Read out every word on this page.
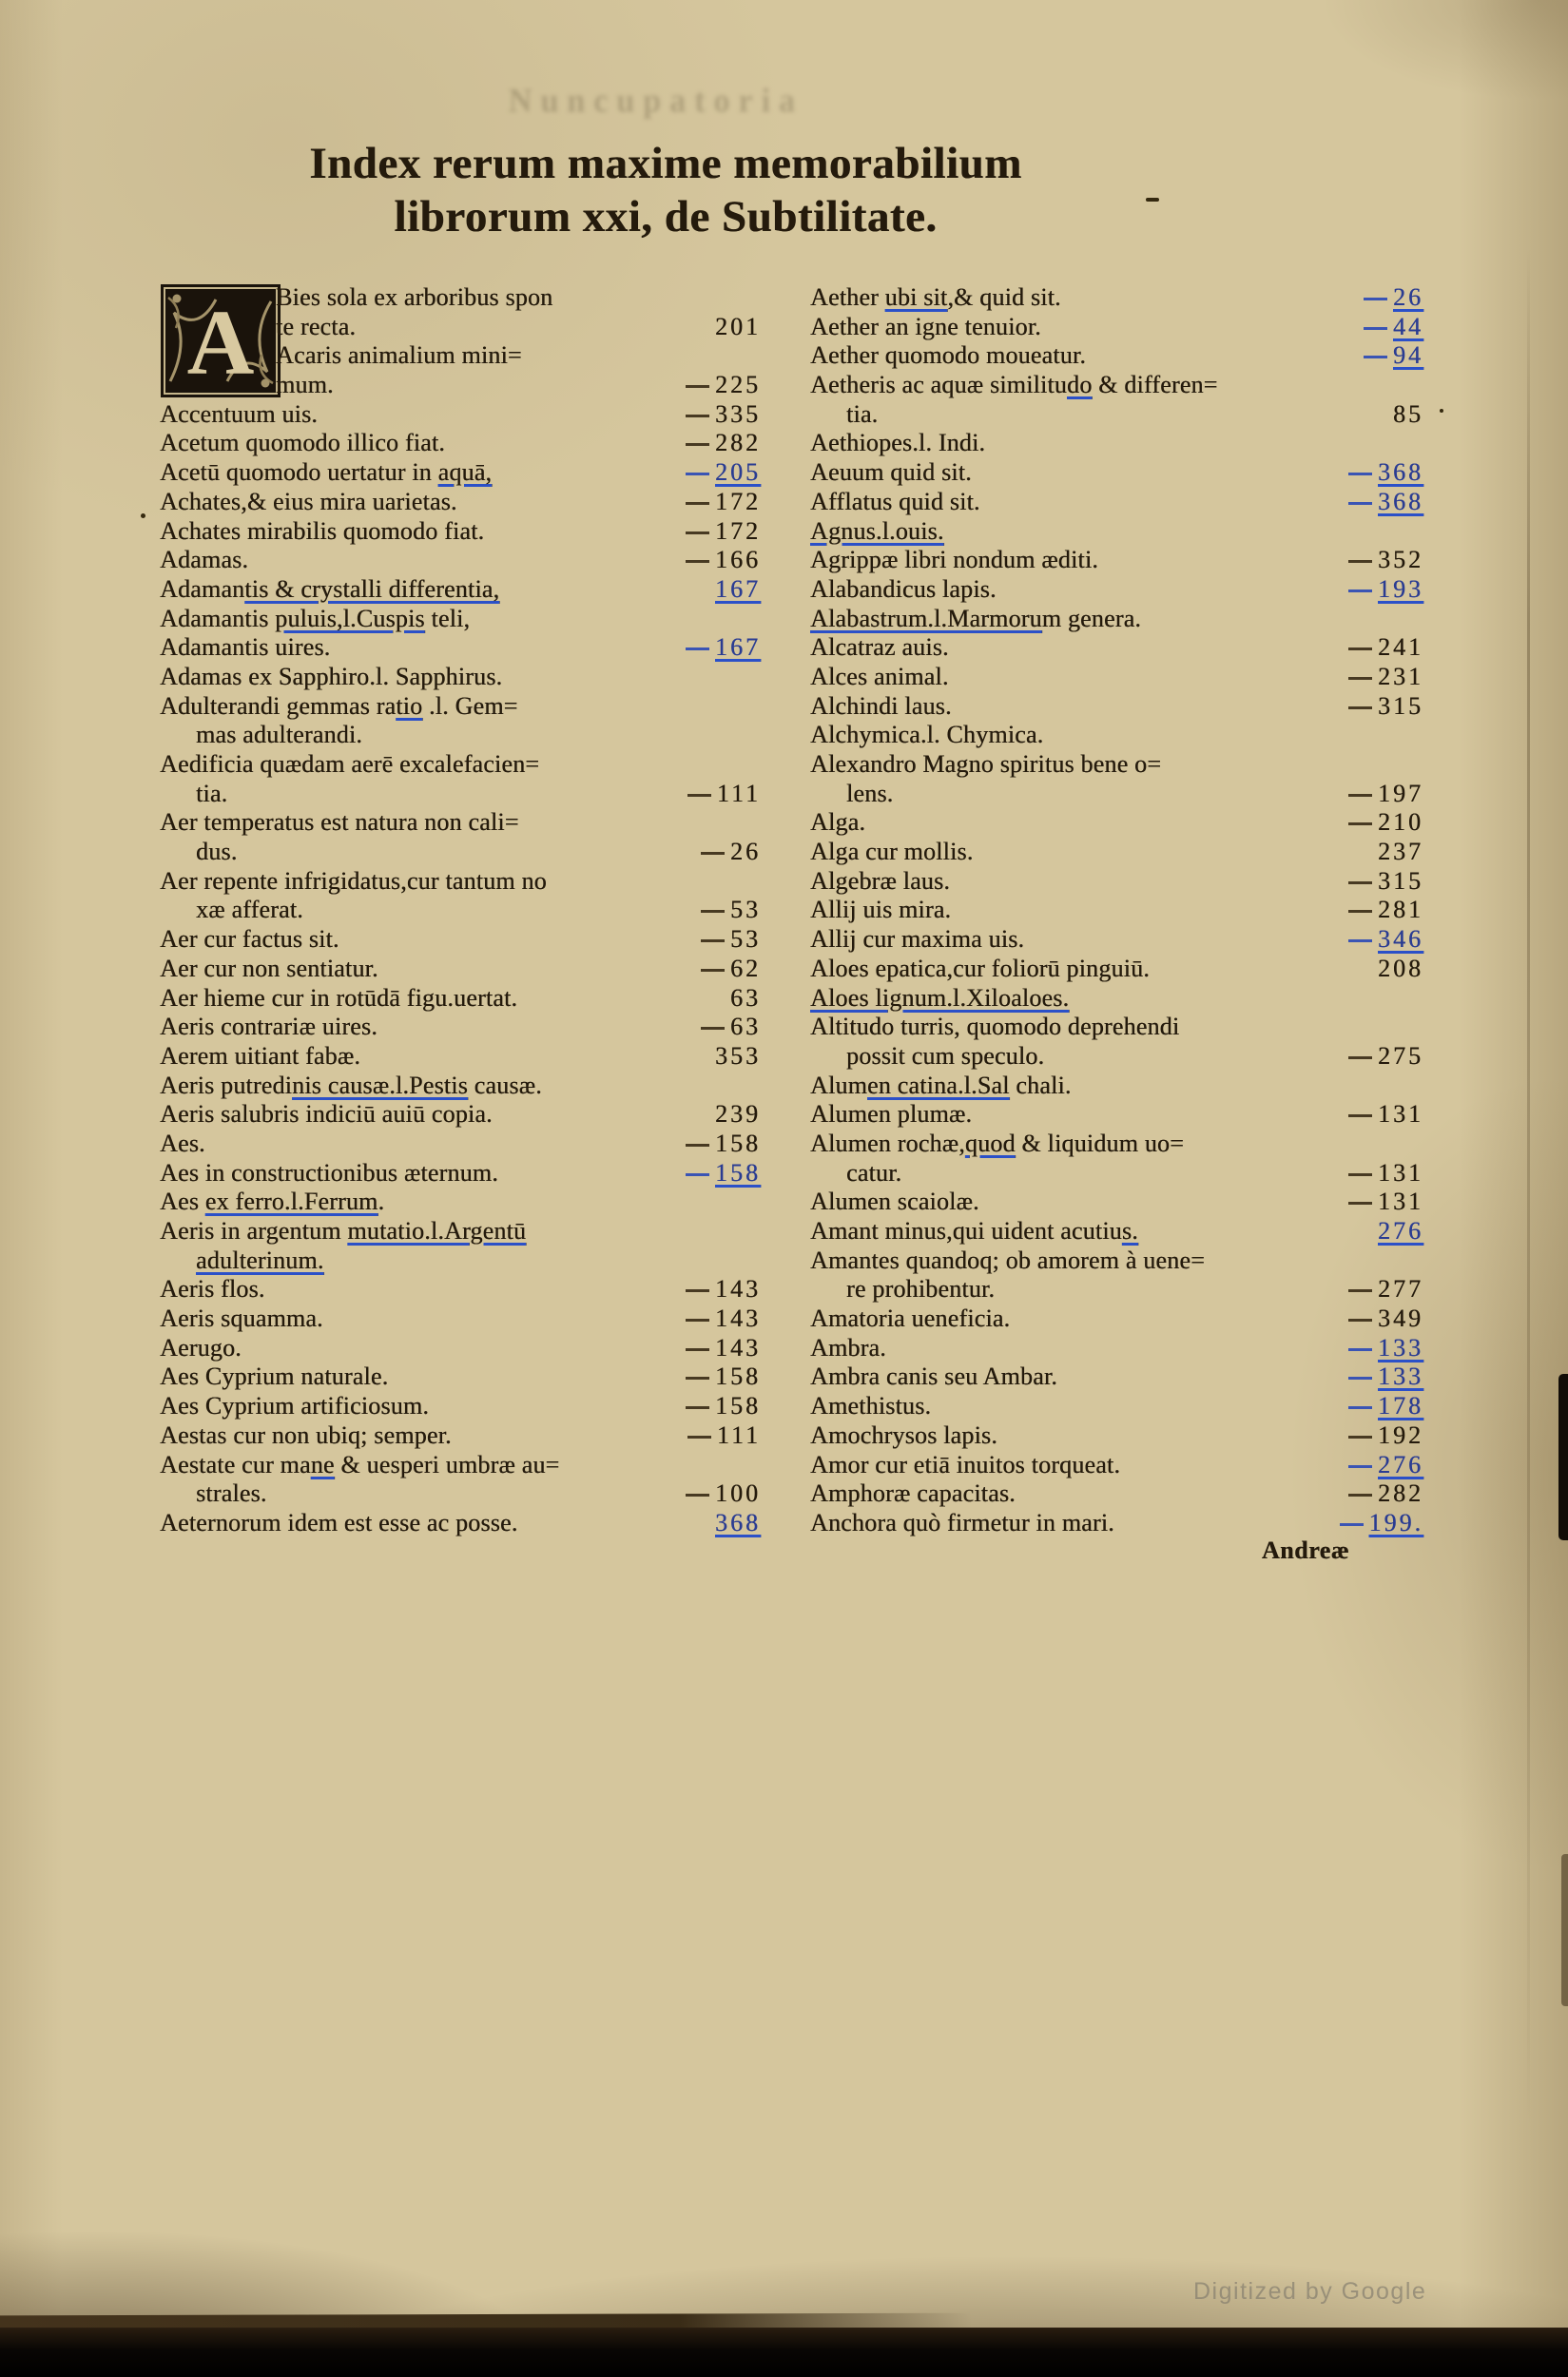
Nuncupatoria
Index rerum maxime memorabilium
librorum xxi, de Subtilitate.
A Bies sola ex arboribus spon
te recta.	201
Acaris animalium mini=
mum.	225
Accentuum uis.	335
Acetum quomodo illico fiat.	282
Acetū quomodo uertatur in aquā,	205
Achates,& eius mira uarietas.	172
Achates mirabilis quomodo fiat.	172
Adamas.	166
Adamantis & crystalli differentia,	167
Adamantis puluis,l.Cuspis teli,
Adamantis uires.	167
Adamas ex Sapphiro.l. Sapphirus.
Adulterandi gemmas ratio .l. Gem=
mas adulterandi.
Aedificia quædam aerē excalefacien=
tia.	111
Aer temperatus est natura non cali=
dus.	26
Aer repente infrigidatus,cur tantum no
xæ afferat.	53
Aer cur factus sit.	53
Aer cur non sentiatur.	62
Aer hieme cur in rotūdā figu.uertat.	63
Aeris contrariæ uires.	63
Aerem uitiant fabæ.	353
Aeris putredinis causæ.l.Pestis causæ.
Aeris salubris indiciū auiū copia.	239
Aes.	158
Aes in constructionibus æternum.	158
Aes ex ferro.l.Ferrum.
Aeris in argentum mutatio.l.Argentū
adulterinum.
Aeris flos.	143
Aeris squamma.	143
Aerugo.	143
Aes Cyprium naturale.	158
Aes Cyprium artificiosum.	158
Aestas cur non ubiq; semper.	111
Aestate cur mane & uesperi umbræ au=
strales.	100
Aeternorum idem est esse ac posse.	368
Aether ubi sit,& quid sit.	26
Aether an igne tenuior.	44
Aether quomodo moueatur.	94
Aetheris ac aquæ similitudo & differen=
tia.	85
Aethiopes.l. Indi.
Aeuum quid sit.	368
Afflatus quid sit.	368
Agnus.l.ouis.
Agrippæ libri nondum æditi.	352
Alabandicus lapis.	193
Alabastrum.l.Marmorum genera.
Alcatraz auis.	241
Alces animal.	231
Alchindi laus.	315
Alchymica.l. Chymica.
Alexandro Magno spiritus bene o=
lens.	197
Alga.	210
Alga cur mollis.	237
Algebræ laus.	315
Allij uis mira.	281
Allij cur maxima uis.	346
Aloes epatica,cur foliorū pinguiū.	208
Aloes lignum.l.Xiloaloes.
Altitudo turris, quomodo deprehendi
possit cum speculo.	275
Alumen catina.l.Sal chali.
Alumen plumæ.	131
Alumen rochæ,quod & liquidum uo=
catur.	131
Alumen scaiolæ.	131
Amant minus,qui uident acutius.	276
Amantes quandoq; ob amorem à uene=
re prohibentur.	277
Amatoria ueneficia.	349
Ambra.	133
Ambra canis seu Ambar.	133
Amethistus.	178
Amochrysos lapis.	192
Amor cur etiā inuitos torqueat.	276
Amphoræ capacitas.	282
Anchora quò firmetur in mari.	199.
Andreæ
Digitized by Google
